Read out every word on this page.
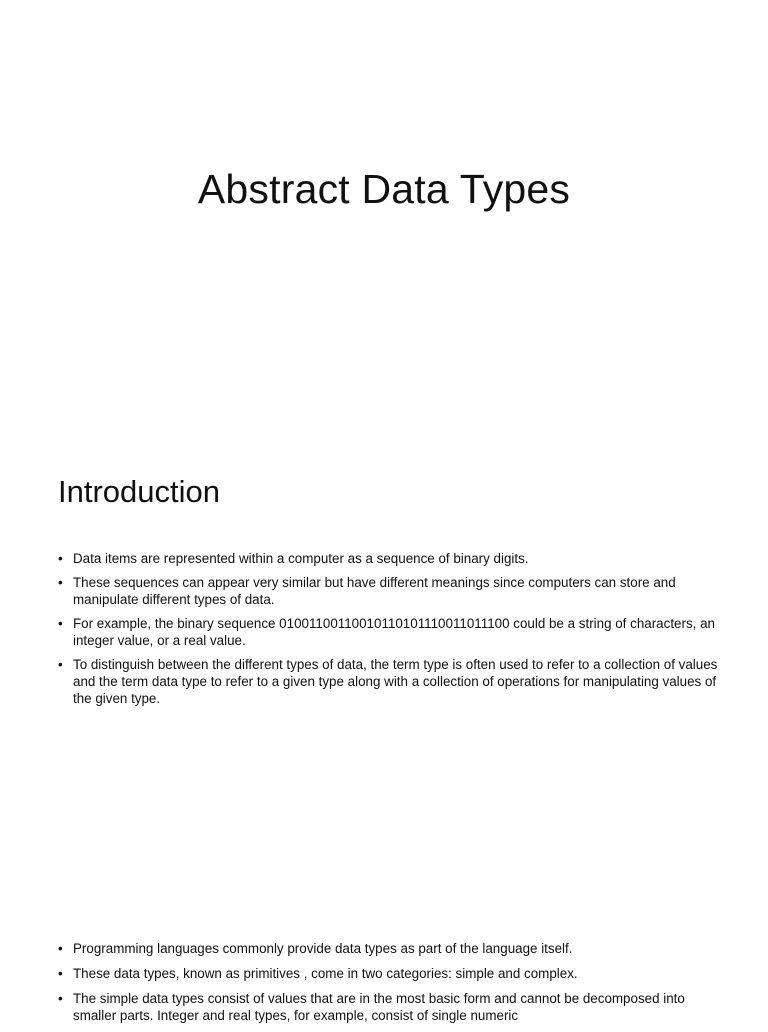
Abstract Data Types
Introduction
• Data items are represented within a computer as a sequence of binary digits.
• These sequences can appear very similar but have different meanings since computers can store and manipulate different types of data.
• For example, the binary sequence 01001100110010110101110011011100 could be a string of characters, an integer value, or a real value.
• To distinguish between the different types of data, the term type is often used to refer to a collection of values and the term data type to refer to a given type along with a collection of operations for manipulating values of the given type.
• Programming languages commonly provide data types as part of the language itself.
• These data types, known as primitives , come in two categories: simple and complex.
• The simple data types consist of values that are in the most basic form and cannot be decomposed into smaller parts. Integer and real types, for example, consist of single numeric
